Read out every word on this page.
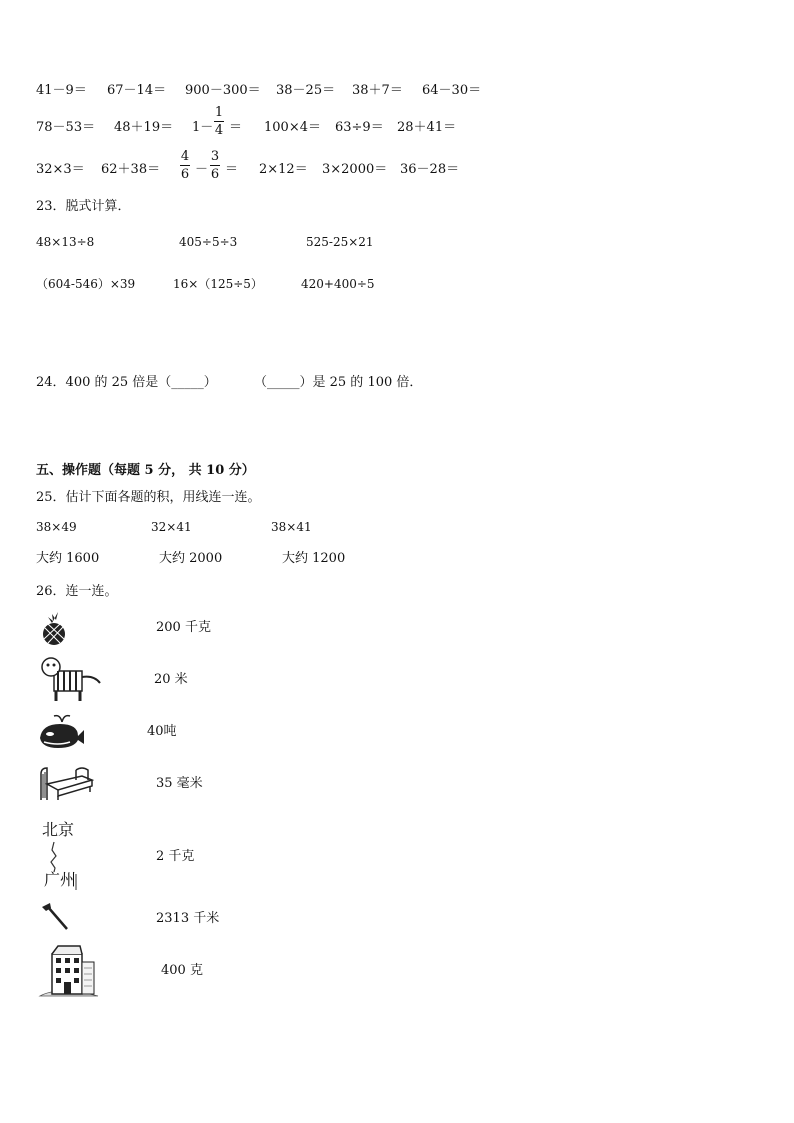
41－9＝ 67－14＝ 900－300＝ 38－25＝ 38＋7＝ 64－30＝
78－53＝ 48＋19＝ 1－
1
4 ＝ 100×4＝ 63÷9＝ 28＋41＝
32×3＝ 62＋38＝
4
6 －
3
6 ＝ 2×12＝ 3×2000＝ 36－28＝
23．脱式计算．
48×13÷8	405÷5÷3	525-25×21
（604-546）×39	16×（125÷5）	420+400÷5
24．400 的 25 倍是（_____）	（_____）是 25 的 100 倍．
五、操作题（每题 5 分， 共 10 分）
25．估计下面各题的积，用线连一连。
38×49	32×41	38×41
大约 1600	大约 2000	大约 1200
26．连一连。
200 千克
20 米
40吨
35 毫米
北京
广州
2 千克
2313 千米
400 克
